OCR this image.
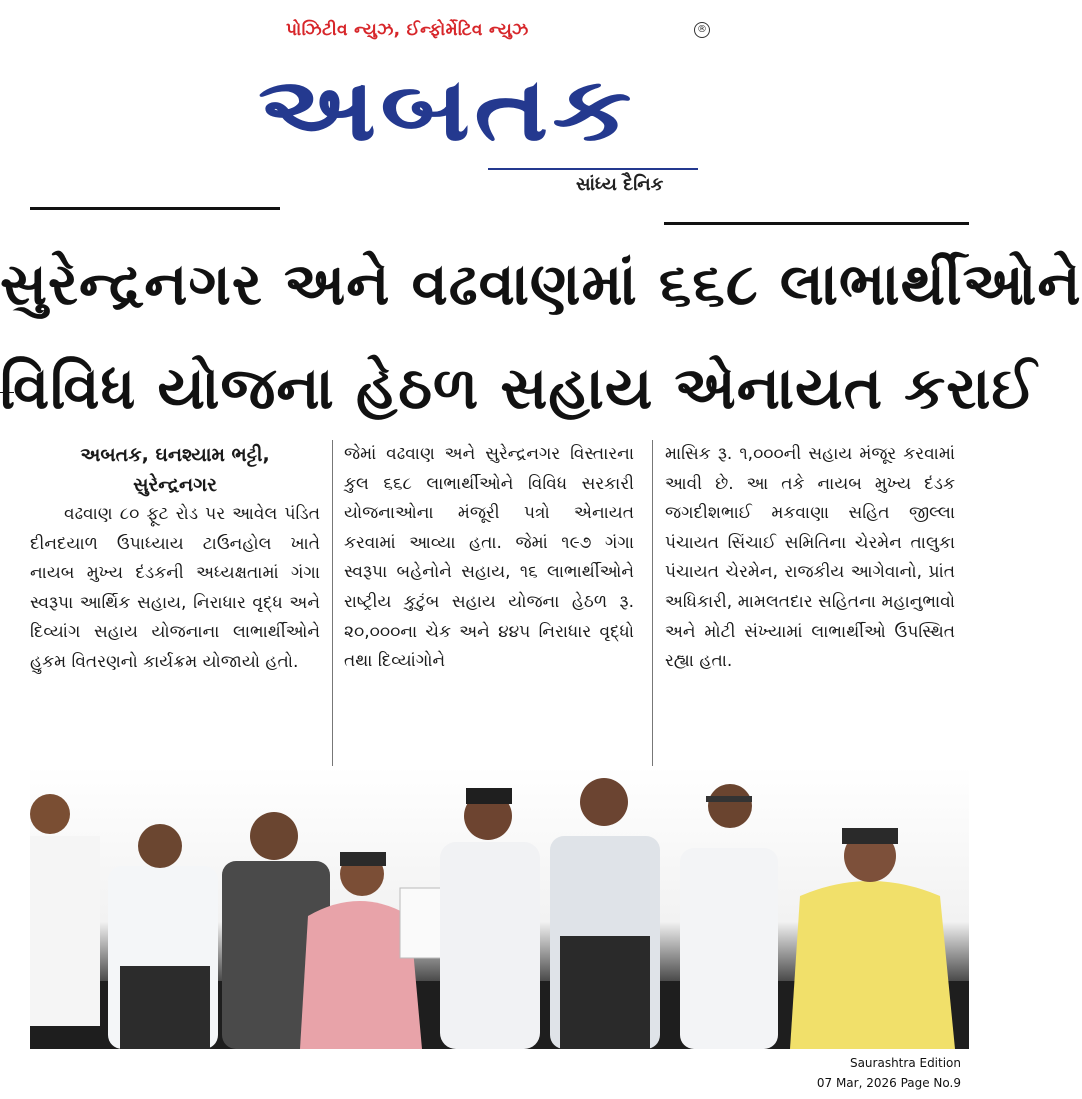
પોઝિટીવ ન્યુઝ, ઈન્ફોર્મેટિવ ન્યુઝ	®
અબતક
સાંધ્ય દૈનિક
સુરેન્દ્રનગર અને વઢવાણમાં ૬૬૮ લાભાર્થીઓને
વિવિધ યોજના હેઠળ સહાય એનાયત કરાઈ
અબતક, ઘનશ્યામ ભટ્ટી,
સુરેન્દ્રનગર
વઢવાણ ૮૦ ફૂટ રોડ પર આવેલ પંડિત દીનદયાળ ઉપાધ્યાય ટાઉનહોલ ખાતે નાયબ મુખ્ય દંડકની અધ્યક્ષતામાં ગંગા સ્વરૂપા આર્થિક સહાય, નિરાધાર વૃદ્ધ અને દિવ્યાંગ સહાય યોજનાના લાભાર્થીઓને હુકમ વિતરણનો કાર્યક્રમ યોજાયો હતો.
જેમાં વઢવાણ અને સુરેન્દ્રનગર વિસ્તારના કુલ ૬૬૮ લાભાર્થીઓને વિવિધ સરકારી યોજનાઓના મંજૂરી પત્રો એનાયત કરવામાં આવ્યા હતા. જેમાં ૧૯૭ ગંગા સ્વરૂપા બહેનોને સહાય, ૧૬ લાભાર્થીઓને રાષ્ટ્રીય કુટુંબ સહાય યોજના હેઠળ રૂ. ૨૦,૦૦૦ના ચેક અને ૪૪૫ નિરાધાર વૃદ્ધો તથા દિવ્યાંગોને
માસિક રૂ. ૧,૦૦૦ની સહાય મંજૂર કરવામાં આવી છે. આ તકે નાયબ મુખ્ય દંડક જગદીશભાઈ મકવાણા સહિત જીલ્લા પંચાયત સિંચાઈ સમિતિના ચેરમેન તાલુકા પંચાયત ચેરમેન, રાજકીય આગેવાનો, પ્રાંત અધિકારી, મામલતદાર સહિતના મહાનુભાવો અને મોટી સંખ્યામાં લાભાર્થીઓ ઉપસ્થિત રહ્યા હતા.
Saurashtra Edition
07 Mar, 2026 Page No.9
